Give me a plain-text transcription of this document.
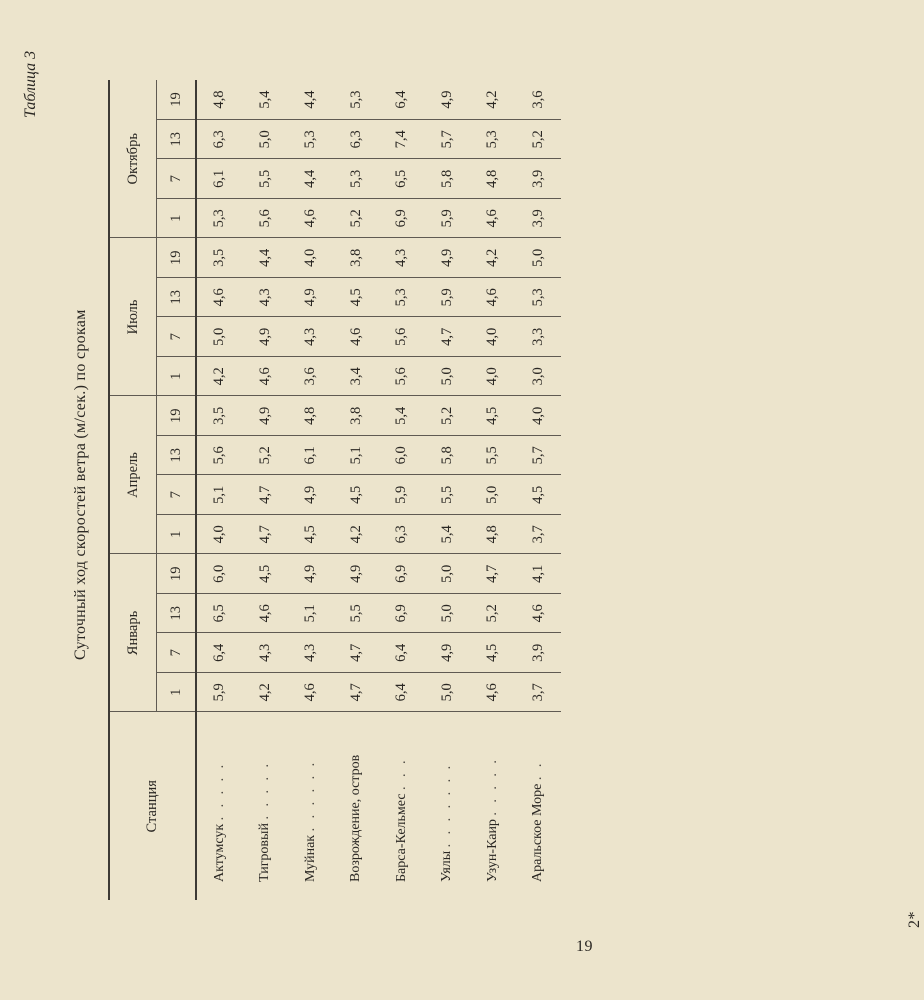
19
2*
Таблица 3
Суточный ход скоростей ветра (м/сек.) по срокам
Станция	Январь				Апрель				Июль				Октябрь			
	1	7	13	19	1	7	13	19	1	7	13	19	1	7	13	19
Актумсук . . . . .	5,9	6,4	6,5	6,0	4,0	5,1	5,6	3,5	4,2	5,0	4,6	3,5	5,3	6,1	6,3	4,8
Тигровый . . . . .	4,2	4,3	4,6	4,5	4,7	4,7	5,2	4,9	4,6	4,9	4,3	4,4	5,6	5,5	5,0	5,4
Муйнак . . . . . .	4,6	4,3	5,1	4,9	4,5	4,9	6,1	4,8	3,6	4,3	4,9	4,0	4,6	4,4	5,3	4,4
Возрождение, остров	4,7	4,7	5,5	4,9	4,2	4,5	5,1	3,8	3,4	4,6	4,5	3,8	5,2	5,3	6,3	5,3
Барса-Кельмес . . .	6,4	6,4	6,9	6,9	6,3	5,9	6,0	5,4	5,6	5,6	5,3	4,3	6,9	6,5	7,4	6,4
Уялы . . . . . . .	5,0	4,9	5,0	5,0	5,4	5,5	5,8	5,2	5,0	4,7	5,9	4,9	5,9	5,8	5,7	4,9
Узун-Каир . . . . .	4,6	4,5	5,2	4,7	4,8	5,0	5,5	4,5	4,0	4,0	4,6	4,2	4,6	4,8	5,3	4,2
Аральское Море . .	3,7	3,9	4,6	4,1	3,7	4,5	5,7	4,0	3,0	3,3	5,3	5,0	3,9	3,9	5,2	3,6
